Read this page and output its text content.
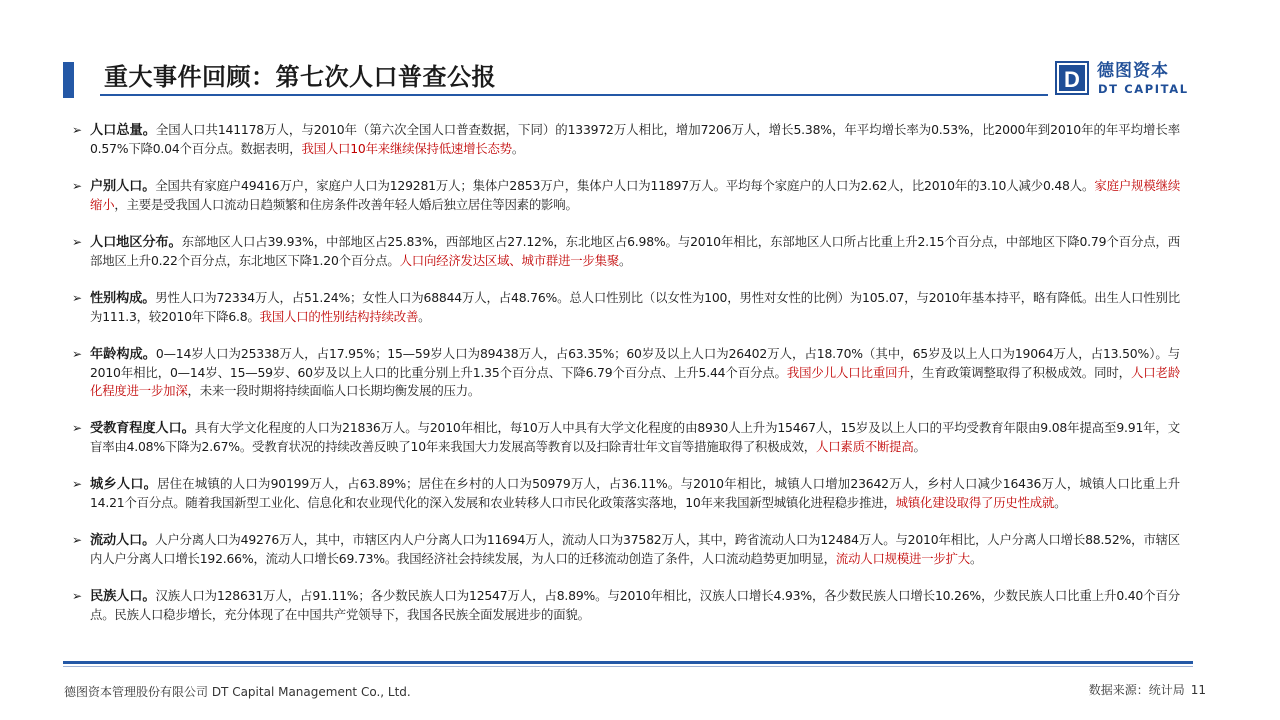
重大事件回顾：第七次人口普查公报	D 德图资本
DT CAPITAL
➢ 人口总量。全国人口共141178万人，与2010年（第六次全国人口普查数据，下同）的133972万人相比，增加7206万人，增长5.38%，年平均增长率为0.53%，比2000年到2010年的年平均增长率0.57%下降0.04个百分点。数据表明，我国人口10年来继续保持低速增长态势。

➢ 户别人口。全国共有家庭户49416万户，家庭户人口为129281万人；集体户2853万户，集体户人口为11897万人。平均每个家庭户的人口为2.62人，比2010年的3.10人减少0.48人。家庭户规模继续缩小，主要是受我国人口流动日趋频繁和住房条件改善年轻人婚后独立居住等因素的影响。

➢ 人口地区分布。东部地区人口占39.93%，中部地区占25.83%，西部地区占27.12%，东北地区占6.98%。与2010年相比，东部地区人口所占比重上升2.15个百分点，中部地区下降0.79个百分点，西部地区上升0.22个百分点，东北地区下降1.20个百分点。人口向经济发达区域、城市群进一步集聚。

➢ 性别构成。男性人口为72334万人，占51.24%；女性人口为68844万人，占48.76%。总人口性别比（以女性为100，男性对女性的比例）为105.07，与2010年基本持平，略有降低。出生人口性别比为111.3，较2010年下降6.8。我国人口的性别结构持续改善。

➢ 年龄构成。0—14岁人口为25338万人，占17.95%；15—59岁人口为89438万人，占63.35%；60岁及以上人口为26402万人，占18.70%（其中，65岁及以上人口为19064万人，占13.50%）。与2010年相比，0—14岁、15—59岁、60岁及以上人口的比重分别上升1.35个百分点、下降6.79个百分点、上升5.44个百分点。我国少儿人口比重回升，生育政策调整取得了积极成效。同时，人口老龄化程度进一步加深，未来一段时期将持续面临人口长期均衡发展的压力。

➢ 受教育程度人口。具有大学文化程度的人口为21836万人。与2010年相比，每10万人中具有大学文化程度的由8930人上升为15467人，15岁及以上人口的平均受教育年限由9.08年提高至9.91年，文盲率由4.08%下降为2.67%。受教育状况的持续改善反映了10年来我国大力发展高等教育以及扫除青壮年文盲等措施取得了积极成效，人口素质不断提高。

➢ 城乡人口。居住在城镇的人口为90199万人，占63.89%；居住在乡村的人口为50979万人，占36.11%。与2010年相比，城镇人口增加23642万人，乡村人口减少16436万人，城镇人口比重上升14.21个百分点。随着我国新型工业化、信息化和农业现代化的深入发展和农业转移人口市民化政策落实落地，10年来我国新型城镇化进程稳步推进，城镇化建设取得了历史性成就。

➢ 流动人口。人户分离人口为49276万人，其中，市辖区内人户分离人口为11694万人，流动人口为37582万人，其中，跨省流动人口为12484万人。与2010年相比，人户分离人口增长88.52%，市辖区内人户分离人口增长192.66%，流动人口增长69.73%。我国经济社会持续发展，为人口的迁移流动创造了条件，人口流动趋势更加明显，流动人口规模进一步扩大。

➢ 民族人口。汉族人口为128631万人，占91.11%；各少数民族人口为12547万人，占8.89%。与2010年相比，汉族人口增长4.93%，各少数民族人口增长10.26%，少数民族人口比重上升0.40个百分点。民族人口稳步增长，充分体现了在中国共产党领导下，我国各民族全面发展进步的面貌。

德图资本管理股份有限公司 DT Capital Management Co., Ltd.	数据来源：统计局 11
